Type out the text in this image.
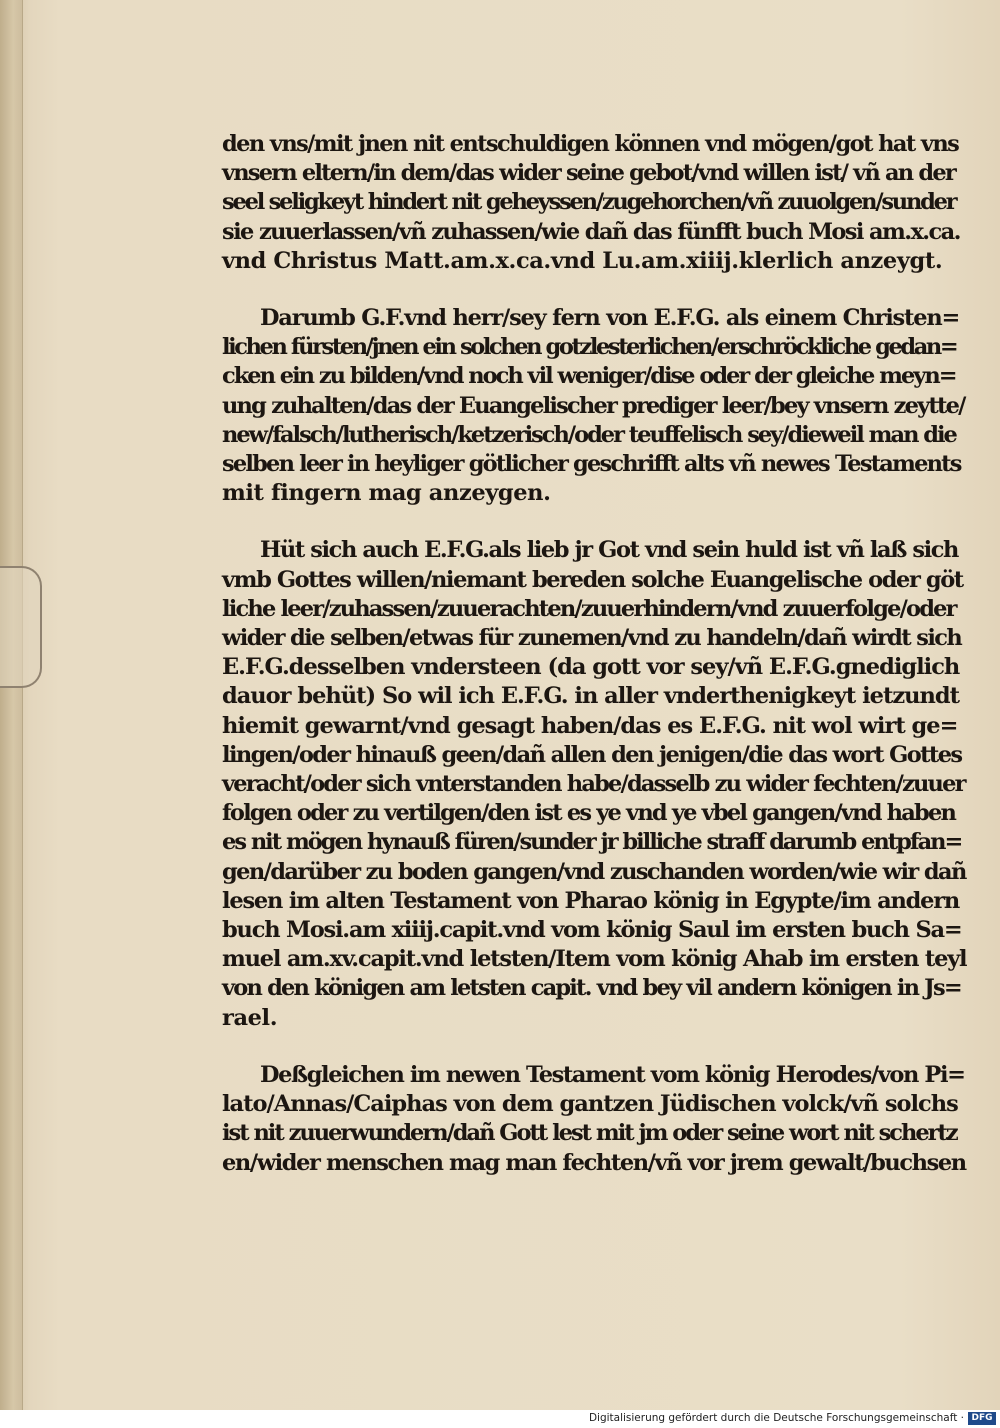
den vns/mit jnen nit entschuldigen können vnd mögen/got hat vns
vnsern eltern/in dem/das wider seine gebot/vnd willen ist/ vñ an der
seel seligkeyt hindert nit geheyssen/zugehorchen/vñ zuuolgen/sunder
sie zuuerlassen/vñ zuhassen/wie dañ das fünfft buch Mosi am.x.ca.
vnd Christus Matt.am.x.ca.vnd Lu.am.xiiij.klerlich anzeygt.
Darumb G.F.vnd herr/sey fern von E.F.G. als einem Christen=
lichen fürsten/jnen ein solchen gotzlesterlichen/erschröckliche gedan=
cken ein zu bilden/vnd noch vil weniger/dise oder der gleiche meyn=
ung zuhalten/das der Euangelischer prediger leer/bey vnsern zeytte/
new/falsch/lutherisch/ketzerisch/oder teuffelisch sey/dieweil man die
selben leer in heyliger götlicher geschrifft alts vñ newes Testaments
mit fingern mag anzeygen.
Hüt sich auch E.F.G.als lieb jr Got vnd sein huld ist vñ laß sich
vmb Gottes willen/niemant bereden solche Euangelische oder göt
liche leer/zuhassen/zuuerachten/zuuerhindern/vnd zuuerfolge/oder
wider die selben/etwas für zunemen/vnd zu handeln/dañ wirdt sich
E.F.G.desselben vndersteen (da gott vor sey/vñ E.F.G.gnediglich
dauor behüt) So wil ich E.F.G. in aller vnderthenigkeyt ietzundt
hiemit gewarnt/vnd gesagt haben/das es E.F.G. nit wol wirt ge=
lingen/oder hinauß geen/dañ allen den jenigen/die das wort Gottes
veracht/oder sich vnterstanden habe/dasselb zu wider fechten/zuuer
folgen oder zu vertilgen/den ist es ye vnd ye vbel gangen/vnd haben
es nit mögen hynauß füren/sunder jr billiche straff darumb entpfan=
gen/darüber zu boden gangen/vnd zuschanden worden/wie wir dañ
lesen im alten Testament von Pharao könig in Egypte/im andern
buch Mosi.am xiiij.capit.vnd vom könig Saul im ersten buch Sa=
muel am.xv.capit.vnd letsten/Item vom könig Ahab im ersten teyl
von den königen am letsten capit. vnd bey vil andern königen in Js=
rael.
Deßgleichen im newen Testament vom könig Herodes/von Pi=
lato/Annas/Caiphas von dem gantzen Jüdischen volck/vñ solchs
ist nit zuuerwundern/dañ Gott lest mit jm oder seine wort nit schertz
en/wider menschen mag man fechten/vñ vor jrem gewalt/buchsen
Digitalisierung gefördert durch die Deutsche Forschungsgemeinschaft · DFG
